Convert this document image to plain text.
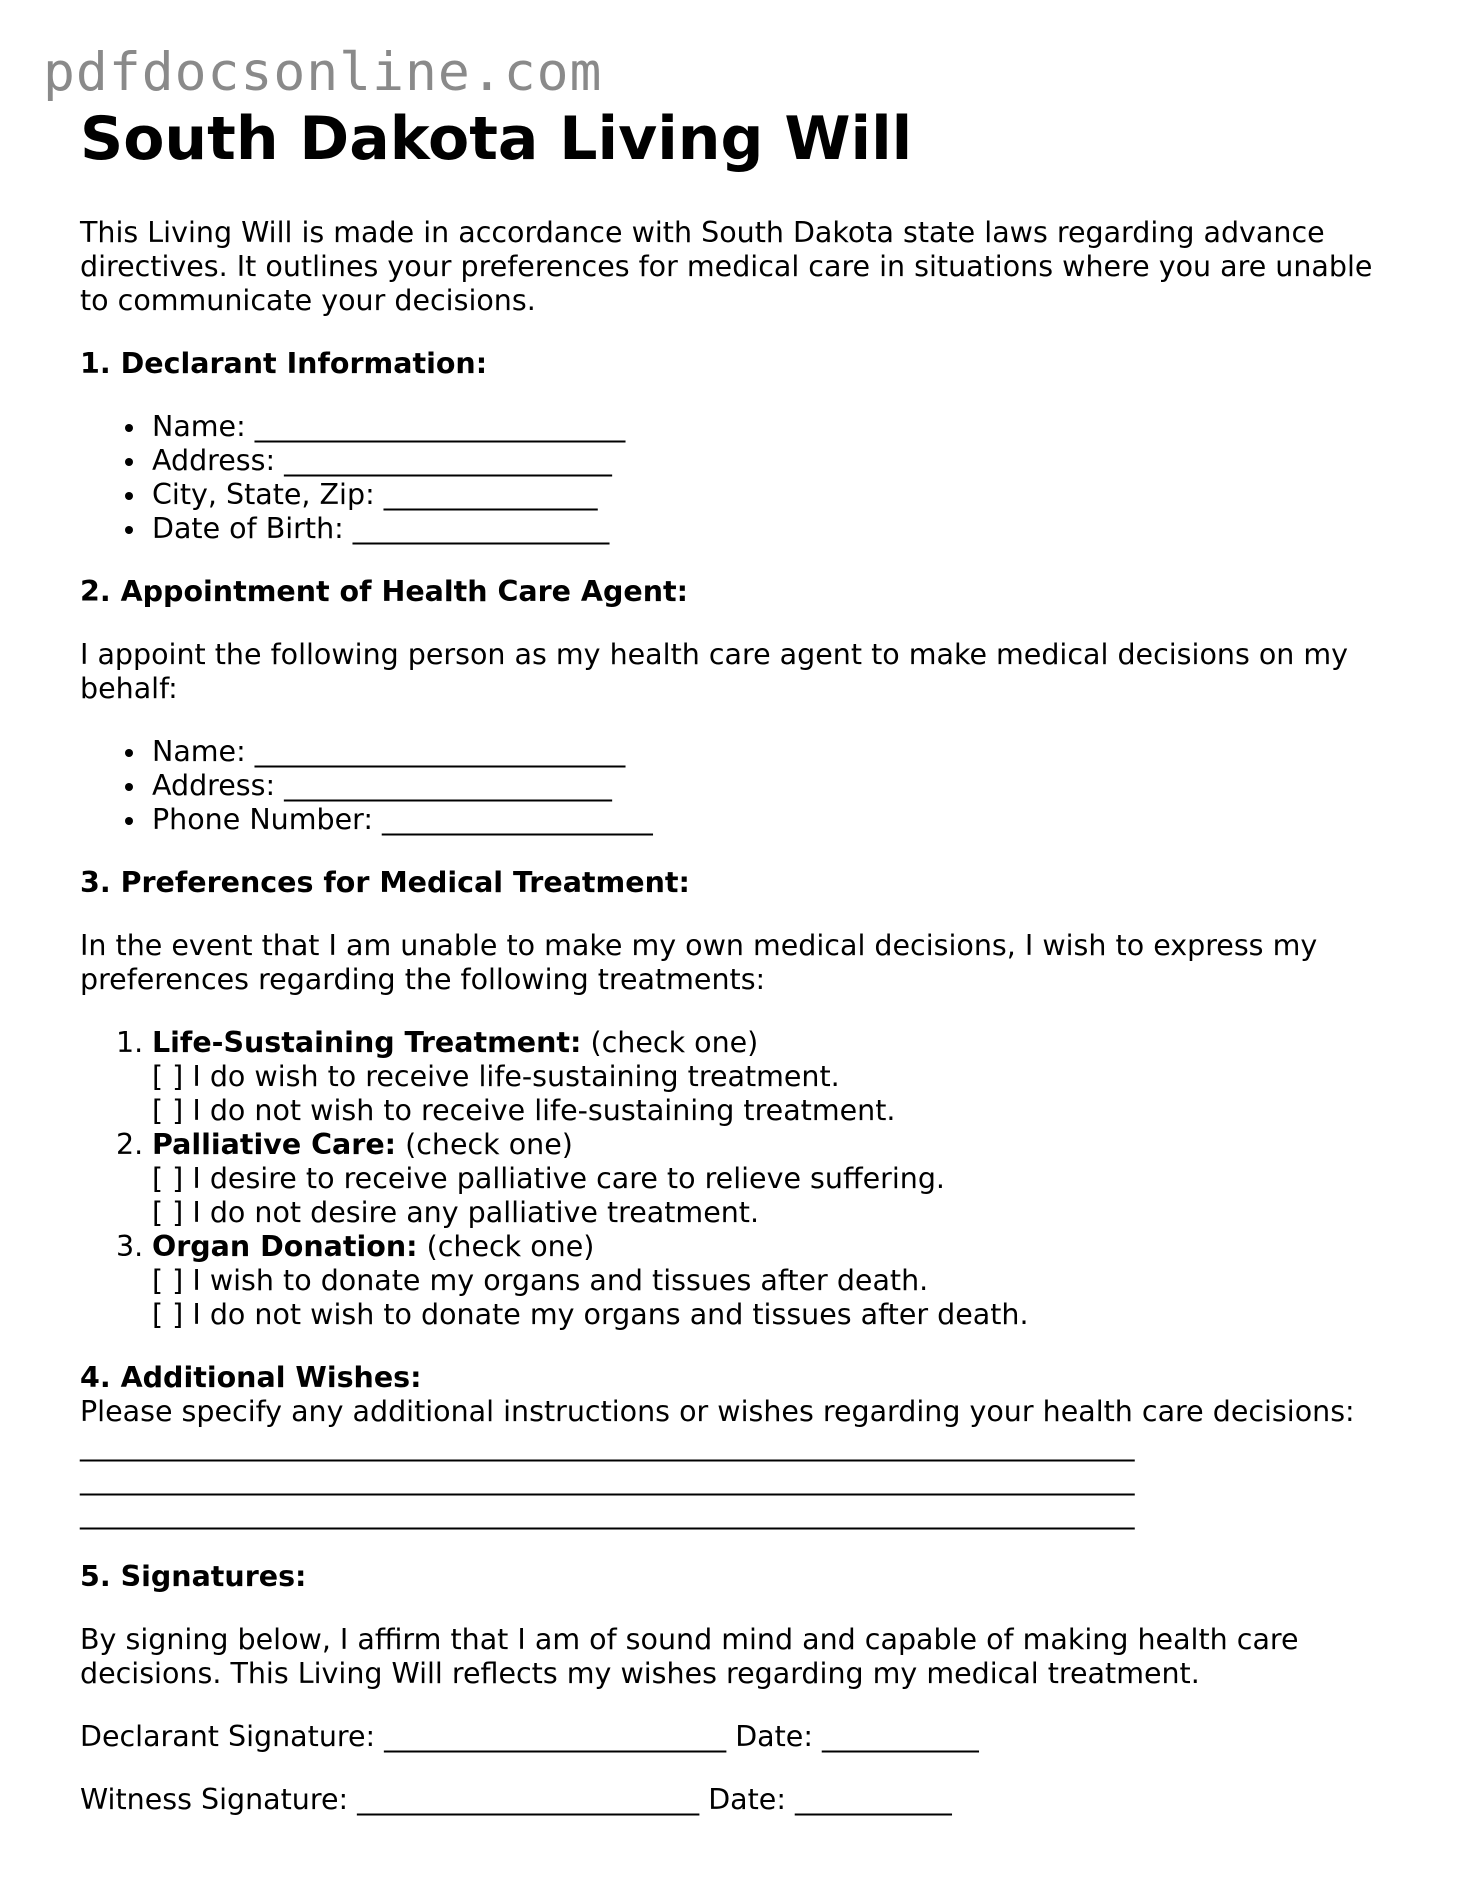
pdfdocsonline.com
South Dakota Living Will

This Living Will is made in accordance with South Dakota state laws regarding advance directives. It outlines your preferences for medical care in situations where you are unable to communicate your decisions.

1. Declarant Information:

Name: __________________________
Address: _______________________
City, State, Zip: _______________
Date of Birth: __________________

2. Appointment of Health Care Agent:

I appoint the following person as my health care agent to make medical decisions on my behalf:

Name: __________________________
Address: _______________________
Phone Number: ___________________

3. Preferences for Medical Treatment:

In the event that I am unable to make my own medical decisions, I wish to express my preferences regarding the following treatments:

1. Life-Sustaining Treatment: (check one)
[ ] I do wish to receive life-sustaining treatment.
[ ] I do not wish to receive life-sustaining treatment.
2. Palliative Care: (check one)
[ ] I desire to receive palliative care to relieve suffering.
[ ] I do not desire any palliative treatment.
3. Organ Donation: (check one)
[ ] I wish to donate my organs and tissues after death.
[ ] I do not wish to donate my organs and tissues after death.

4. Additional Wishes:

Please specify any additional instructions or wishes regarding your health care decisions:

__________________________________________________________________________

__________________________________________________________________________

__________________________________________________________________________

5. Signatures:

By signing below, I affirm that I am of sound mind and capable of making health care decisions. This Living Will reflects my wishes regarding my medical treatment.

Declarant Signature: ________________________ Date: ___________

Witness Signature: ________________________ Date: ___________
